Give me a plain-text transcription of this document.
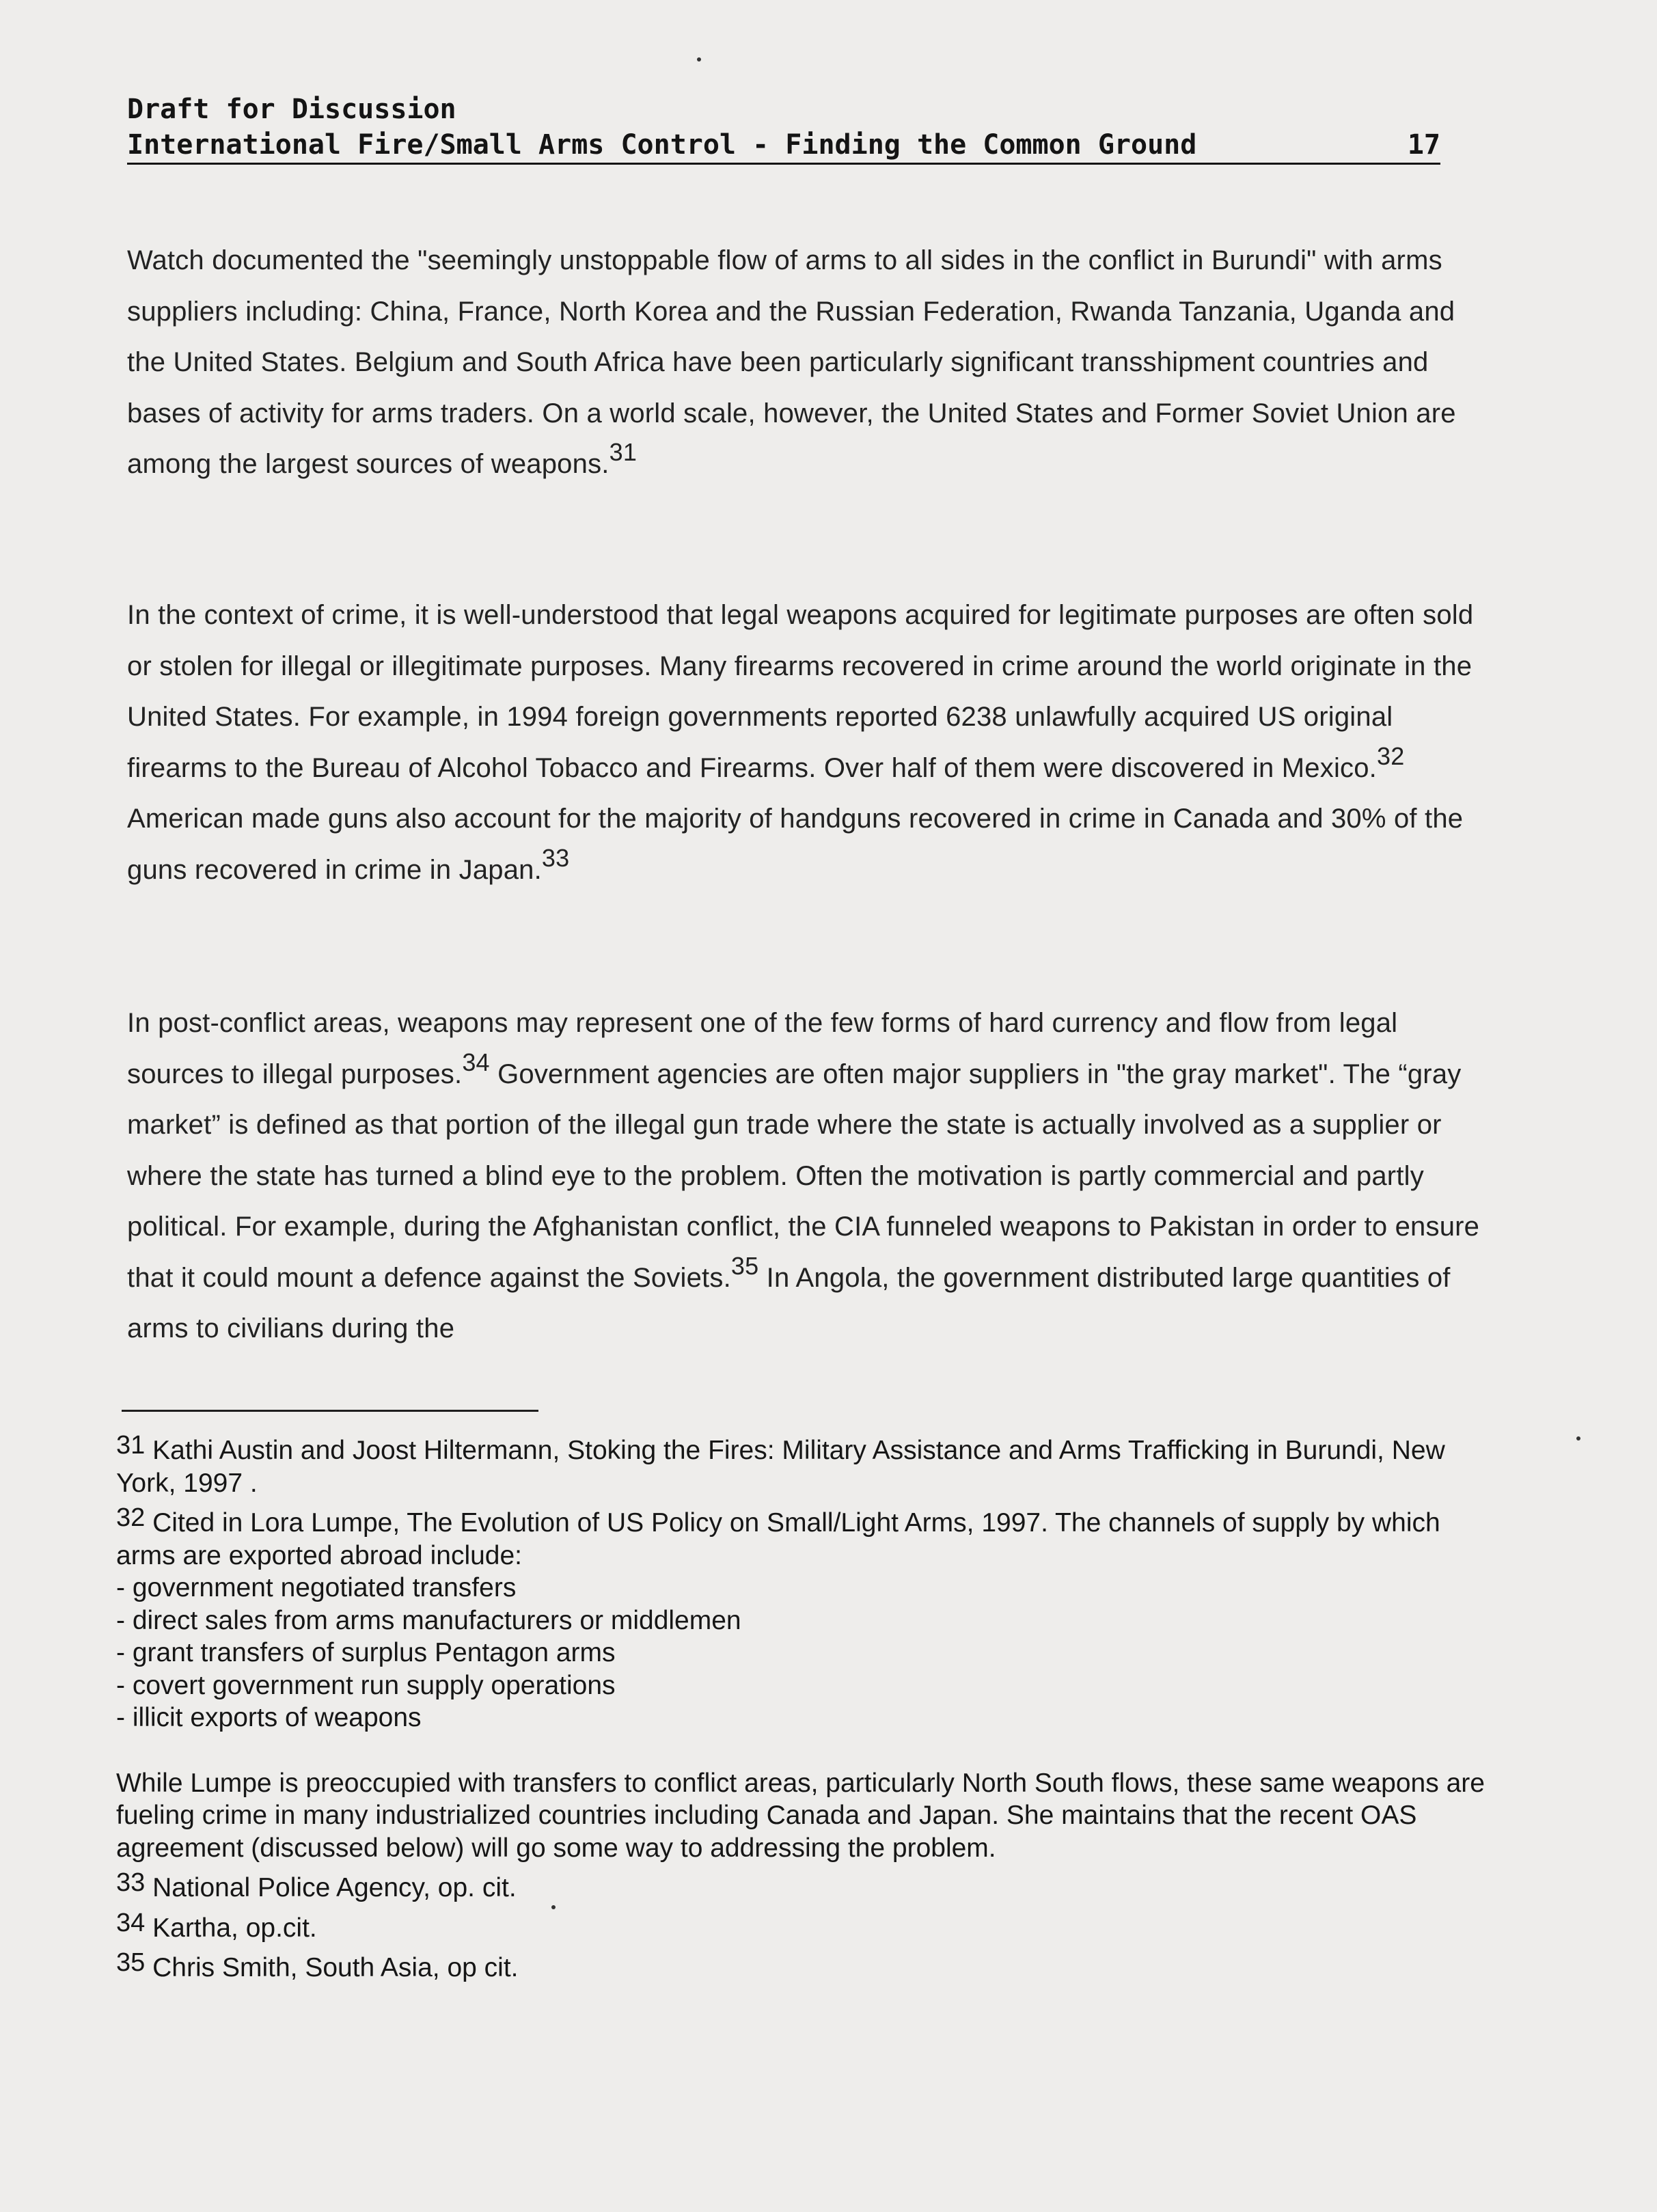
Draft for Discussion
International Fire/Small Arms Control - Finding the Common Ground	17

Watch documented the "seemingly unstoppable flow of arms to all sides in the conflict in Burundi" with arms suppliers including: China, France, North Korea and the Russian Federation, Rwanda Tanzania, Uganda and the United States. Belgium and South Africa have been particularly significant transshipment countries and bases of activity for arms traders. On a world scale, however, the United States and Former Soviet Union are among the largest sources of weapons.31

In the context of crime, it is well-understood that legal weapons acquired for legitimate purposes are often sold or stolen for illegal or illegitimate purposes. Many firearms recovered in crime around the world originate in the United States. For example, in 1994 foreign governments reported 6238 unlawfully acquired US original firearms to the Bureau of Alcohol Tobacco and Firearms. Over half of them were discovered in Mexico.32 American made guns also account for the majority of handguns recovered in crime in Canada and 30% of the guns recovered in crime in Japan.33

In post-conflict areas, weapons may represent one of the few forms of hard currency and flow from legal sources to illegal purposes.34 Government agencies are often major suppliers in "the gray market". The “gray market” is defined as that portion of the illegal gun trade where the state is actually involved as a supplier or where the state has turned a blind eye to the problem. Often the motivation is partly commercial and partly political. For example, during the Afghanistan conflict, the CIA funneled weapons to Pakistan in order to ensure that it could mount a defence against the Soviets.35 In Angola, the government distributed large quantities of arms to civilians during the

31 Kathi Austin and Joost Hiltermann, Stoking the Fires: Military Assistance and Arms Trafficking in Burundi, New York, 1997 .

32 Cited in Lora Lumpe, The Evolution of US Policy on Small/Light Arms, 1997. The channels of supply by which arms are exported abroad include:

- government negotiated transfers
- direct sales from arms manufacturers or middlemen
- grant transfers of surplus Pentagon arms
- covert government run supply operations
- illicit exports of weapons

While Lumpe is preoccupied with transfers to conflict areas, particularly North South flows, these same weapons are fueling crime in many industrialized countries including Canada and Japan. She maintains that the recent OAS agreement (discussed below) will go some way to addressing the problem.

33 National Police Agency, op. cit.

34 Kartha, op.cit.

35 Chris Smith, South Asia, op cit.
